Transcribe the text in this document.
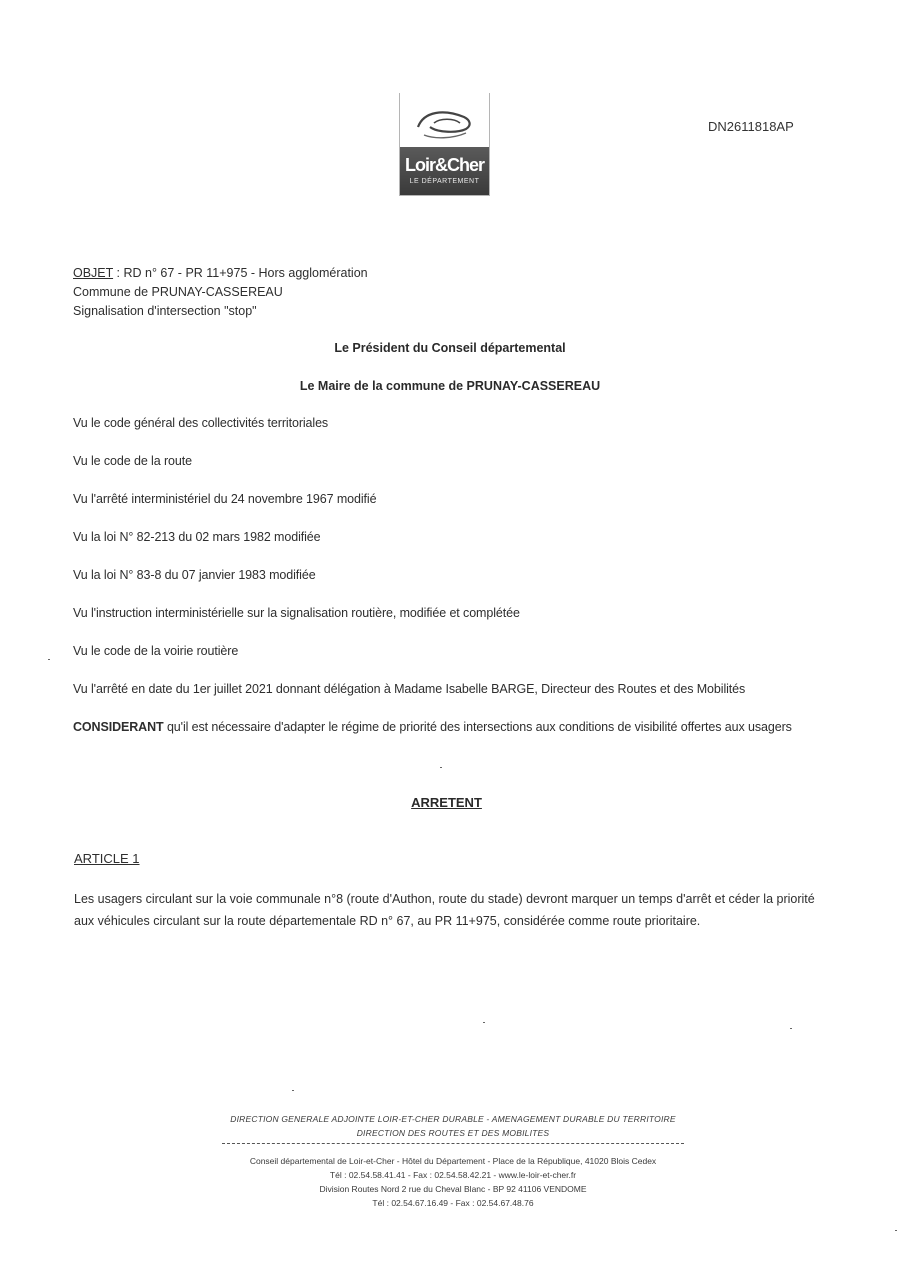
Loir&Cher
LE DÉPARTEMENT
DN2611818AP
OBJET : RD n° 67 - PR 11+975 - Hors agglomération
Commune de PRUNAY-CASSEREAU
Signalisation d'intersection "stop"
Le Président du Conseil départemental
Le Maire de la commune de PRUNAY-CASSEREAU
Vu le code général des collectivités territoriales
Vu le code de la route
Vu l'arrêté interministériel du 24 novembre 1967 modifié
Vu la loi N° 82-213 du 02 mars 1982 modifiée
Vu la loi N° 83-8 du 07 janvier 1983 modifiée
Vu l'instruction interministérielle sur la signalisation routière, modifiée et complétée
Vu le code de la voirie routière
Vu l'arrêté en date du 1er juillet 2021 donnant délégation à Madame Isabelle BARGE, Directeur des Routes et des Mobilités
CONSIDERANT qu'il est nécessaire d'adapter le régime de priorité des intersections aux conditions de visibilité offertes aux usagers
ARRETENT
ARTICLE 1
Les usagers circulant sur la voie communale n°8 (route d'Authon, route du stade) devront marquer un temps d'arrêt et céder la priorité aux véhicules circulant sur la route départementale RD n° 67, au PR 11+975, considérée comme route prioritaire.
DIRECTION GENERALE ADJOINTE LOIR-ET-CHER DURABLE - AMENAGEMENT DURABLE DU TERRITOIRE
DIRECTION DES ROUTES ET DES MOBILITES
Conseil départemental de Loir-et-Cher - Hôtel du Département - Place de la République, 41020 Blois Cedex
Tél : 02.54.58.41.41 - Fax : 02.54.58.42.21 - www.le-loir-et-cher.fr
Division Routes Nord 2 rue du Cheval Blanc - BP 92 41106 VENDOME
Tél : 02.54.67.16.49 - Fax : 02.54.67.48.76
